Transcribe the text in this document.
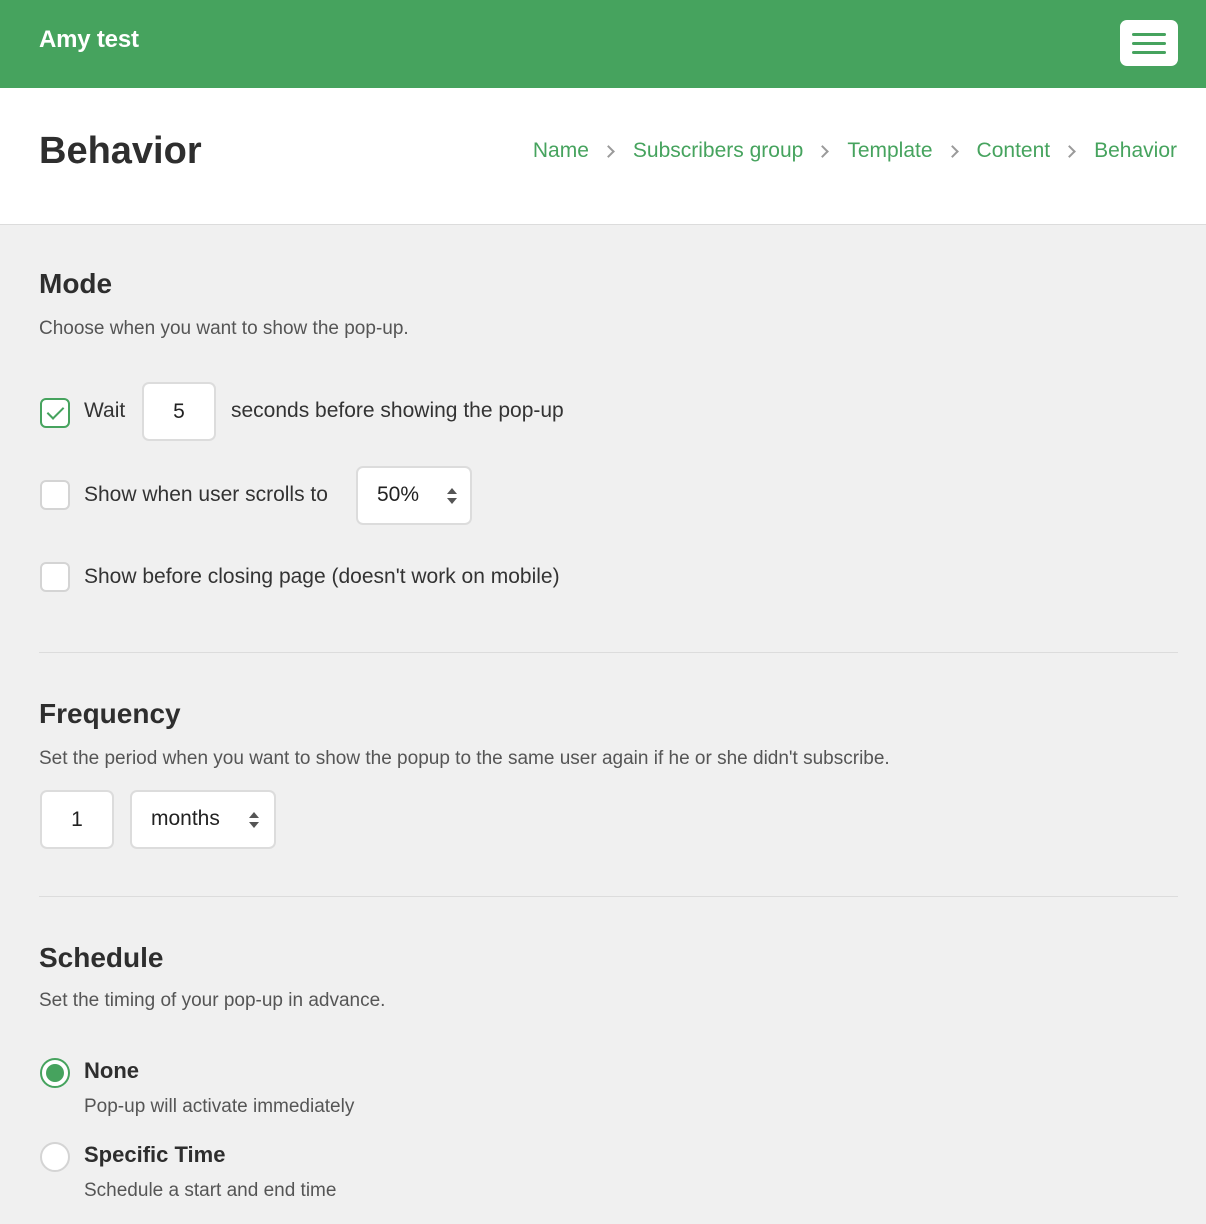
Amy test
Behavior	Name Subscribers group Template Content Behavior
Mode
Choose when you want to show the pop-up.
Wait	5	seconds before showing the pop-up
Show when user scrolls to 50%
Show before closing page (doesn't work on mobile)
Frequency
Set the period when you want to show the popup to the same user again if he or she didn't subscribe.
1	months
Schedule
Set the timing of your pop-up in advance.
None
Pop-up will activate immediately
Specific Time
Schedule a start and end time
